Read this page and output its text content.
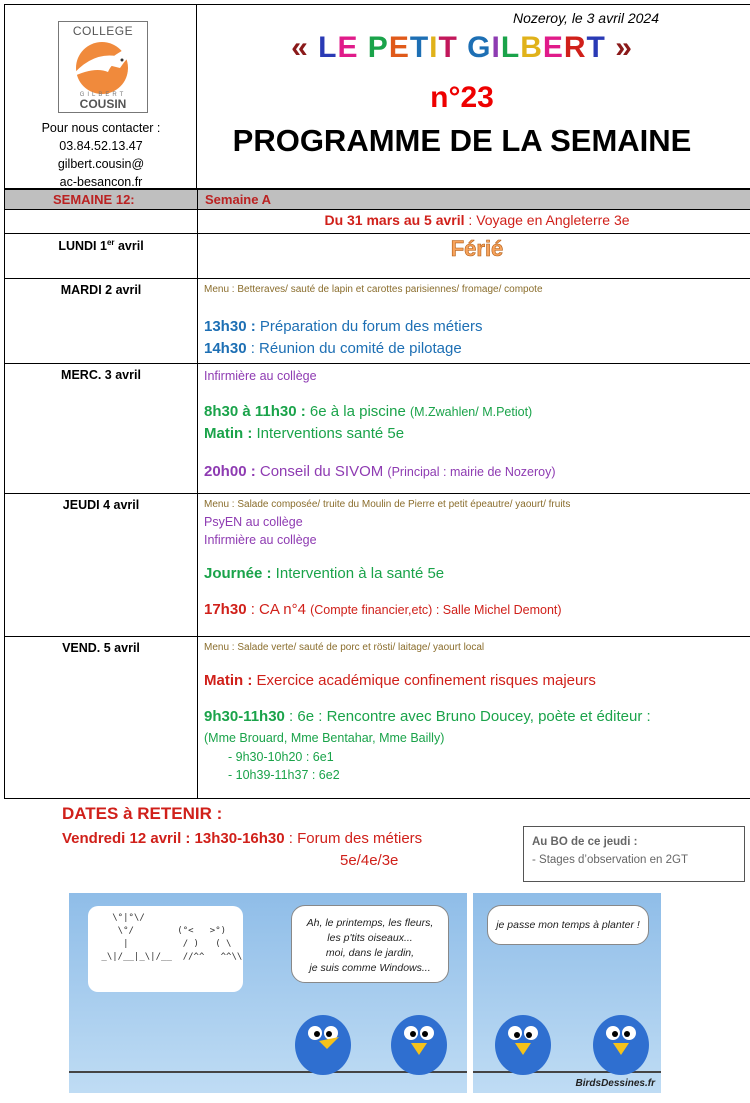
COLLEGE
GILBERT
COUSIN
Pour nous contacter :
03.84.52.13.47
gilbert.cousin@
ac-besancon.fr
Nozeroy, le 3 avril 2024
« LE PETIT GILBERT »
n°23
PROGRAMME DE LA SEMAINE
SEMAINE 12:	Semaine A
Du 31 mars au 5 avril : Voyage en Angleterre 3e
LUNDI 1er avril	Férié
MARDI 2 avril	Menu : Betteraves/ sauté de lapin et carottes parisiennes/ fromage/ compote
13h30 : Préparation du forum des métiers
14h30 : Réunion du comité de pilotage
MERC. 3 avril	Infirmière au collège
8h30 à 11h30 : 6e à la piscine (M.Zwahlen/ M.Petiot)
Matin : Interventions santé 5e
20h00 : Conseil du SIVOM (Principal : mairie de Nozeroy)
JEUDI 4 avril	Menu : Salade composée/ truite du Moulin de Pierre et petit épeautre/ yaourt/ fruits
PsyEN au collège
Infirmière au collège
Journée : Intervention à la santé 5e
17h30 : CA n°4 (Compte financier,etc) : Salle Michel Demont)
VEND. 5 avril	Menu : Salade verte/ sauté de porc et rösti/ laitage/ yaourt local
Matin : Exercice académique confinement risques majeurs
9h30-11h30 : 6e : Rencontre avec Bruno Doucey, poète et éditeur :
(Mme Brouard, Mme Bentahar, Mme Bailly)
- 9h30-10h20 : 6e1
- 10h39-11h37 : 6e2
DATES à RETENIR :
Vendredi 12 avril : 13h30-16h30 : Forum des métiers
5e/4e/3e
Au BO de ce jeudi :
- Stages d’observation en 2GT
\°|°\/
\°/        (°<   >°)
|          / )   ( \
_\|/__|_\|/__  //^^   ^^\\
Ah, le printemps, les fleurs,
les p'tits oiseaux...
moi, dans le jardin,
je suis comme Windows...
je passe mon temps à planter !
BirdsDessines.fr
